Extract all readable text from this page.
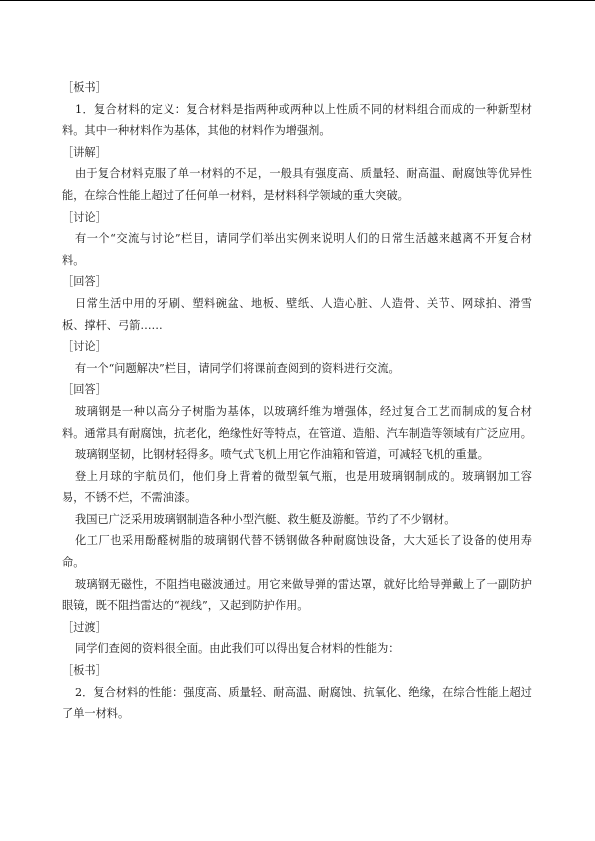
［板书］

1．复合材料的定义：复合材料是指两种或两种以上性质不同的材料组合而成的一种新型材料。其中一种材料作为基体，其他的材料作为增强剂。

［讲解］

由于复合材料克服了单一材料的不足，一般具有强度高、质量轻、耐高温、耐腐蚀等优异性能，在综合性能上超过了任何单一材料，是材料科学领域的重大突破。

［讨论］

有一个“交流与讨论”栏目，请同学们举出实例来说明人们的日常生活越来越离不开复合材料。

［回答］

日常生活中用的牙刷、塑料碗盆、地板、壁纸、人造心脏、人造骨、关节、网球拍、滑雪板、撑杆、弓箭……

［讨论］

有一个“问题解决”栏目，请同学们将课前查阅到的资料进行交流。

［回答］

玻璃钢是一种以高分子树脂为基体，以玻璃纤维为增强体，经过复合工艺而制成的复合材料。通常具有耐腐蚀，抗老化，绝缘性好等特点，在管道、造船、汽车制造等领域有广泛应用。

玻璃钢坚韧，比钢材轻得多。喷气式飞机上用它作油箱和管道，可减轻飞机的重量。

登上月球的宇航员们，他们身上背着的微型氧气瓶，也是用玻璃钢制成的。玻璃钢加工容易，不锈不烂，不需油漆。

我国已广泛采用玻璃钢制造各种小型汽艇、救生艇及游艇。节约了不少钢材。

化工厂也采用酚醛树脂的玻璃钢代替不锈钢做各种耐腐蚀设备，大大延长了设备的使用寿命。

玻璃钢无磁性，不阻挡电磁波通过。用它来做导弹的雷达罩，就好比给导弹戴上了一副防护眼镜，既不阻挡雷达的“视线”，又起到防护作用。

［过渡］

同学们查阅的资料很全面。由此我们可以得出复合材料的性能为：

［板书］

2．复合材料的性能：强度高、质量轻、耐高温、耐腐蚀、抗氧化、绝缘，在综合性能上超过了单一材料。
